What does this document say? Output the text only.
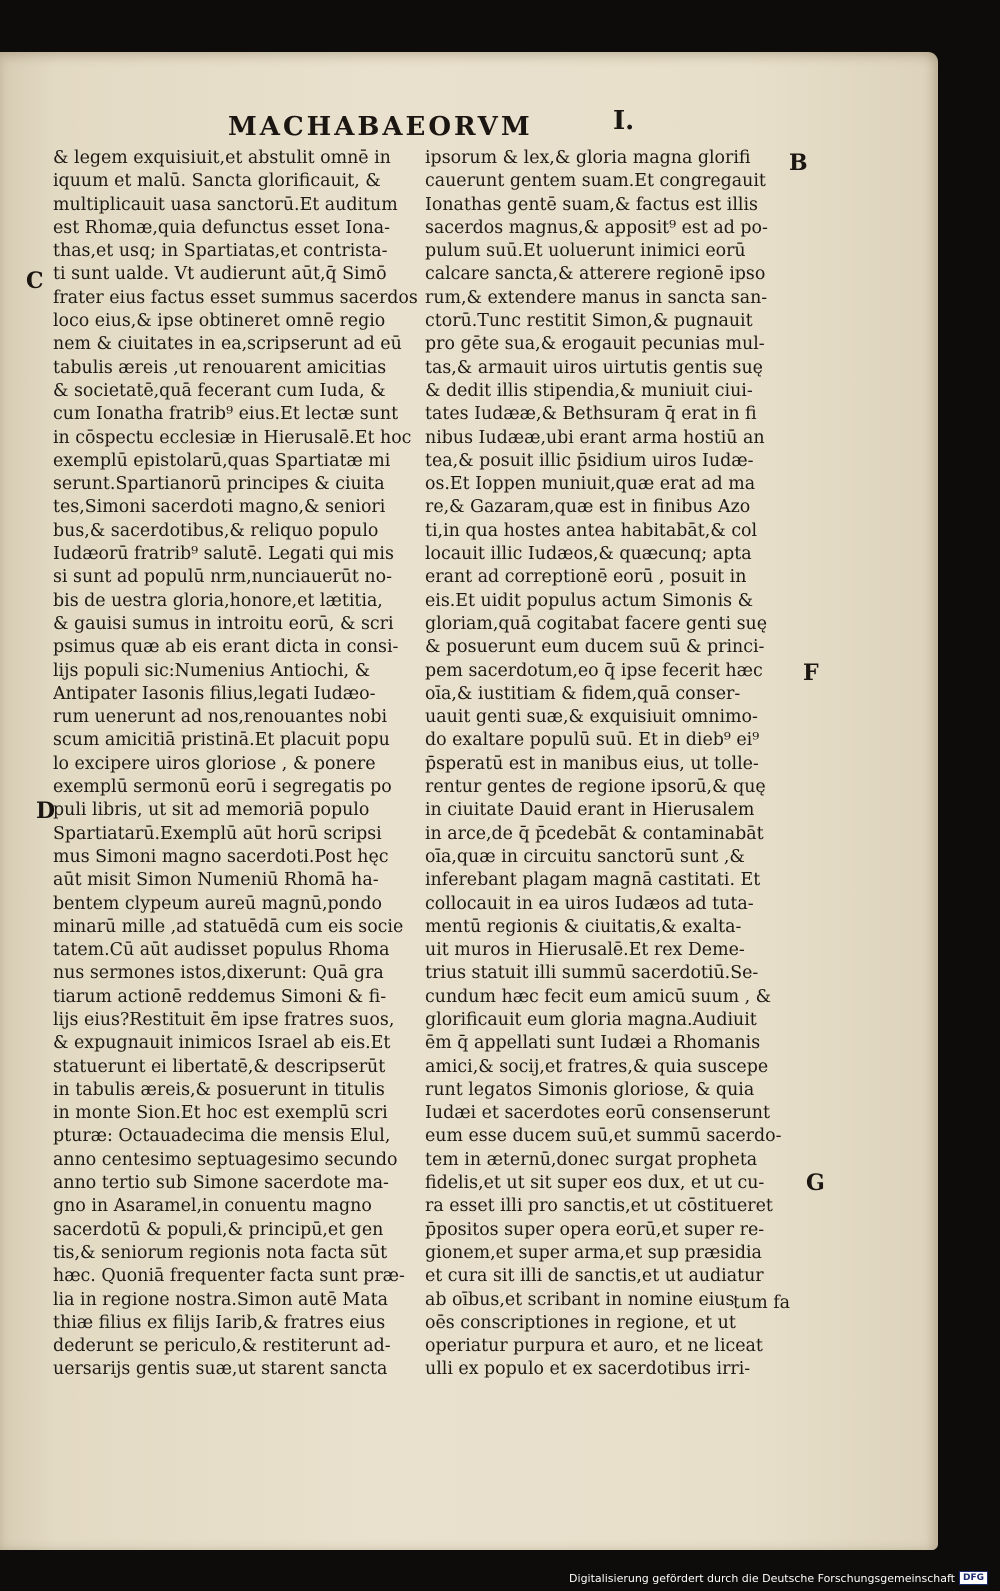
MACHABAEORVM	I.
B
C
D
F
G
& legem exquisiuit,et abstulit omnē in
iquum et malū. Sancta glorificauit, &
multiplicauit uasa sanctorū.Et auditum
est Rhomæ,quia defunctus esset Iona-
thas,et usq; in Spartiatas,et contrista-
ti sunt ualde. Vt audierunt aūt,q̄ Simō
frater eius factus esset summus sacerdos
loco eius,& ipse obtineret omnē regio
nem & ciuitates in ea,scripserunt ad eū
tabulis æreis ,ut renouarent amicitias
& societatē,quā fecerant cum Iuda, &
cum Ionatha fratrib⁹ eius.Et lectæ sunt
in cōspectu ecclesiæ in Hierusalē.Et hoc
exemplū epistolarū,quas Spartiatæ mi
serunt.Spartianorū principes & ciuita
tes,Simoni sacerdoti magno,& seniori
bus,& sacerdotibus,& reliquo populo
Iudæorū fratrib⁹ salutē. Legati qui mis
si sunt ad populū nrm,nunciauerūt no-
bis de uestra gloria,honore,et lætitia,
& gauisi sumus in introitu eorū, & scri
psimus quæ ab eis erant dicta in consi-
lijs populi sic:Numenius Antiochi, &
Antipater Iasonis filius,legati Iudæo-
rum uenerunt ad nos,renouantes nobi
scum amicitiā pristinā.Et placuit popu
lo excipere uiros gloriose , & ponere
exemplū sermonū eorū i segregatis po
puli libris, ut sit ad memoriā populo
Spartiatarū.Exemplū aūt horū scripsi
mus Simoni magno sacerdoti.Post hęc
aūt misit Simon Numeniū Rhomā ha-
bentem clypeum aureū magnū,pondo
minarū mille ,ad statuēdā cum eis socie
tatem.Cū aūt audisset populus Rhoma
nus sermones istos,dixerunt: Quā gra
tiarum actionē reddemus Simoni & fi-
lijs eius?Restituit ēm ipse fratres suos,
& expugnauit inimicos Israel ab eis.Et
statuerunt ei libertatē,& descripserūt
in tabulis æreis,& posuerunt in titulis
in monte Sion.Et hoc est exemplū scri
pturæ: Octauadecima die mensis Elul,
anno centesimo septuagesimo secundo
anno tertio sub Simone sacerdote ma-
gno in Asaramel,in conuentu magno
sacerdotū & populi,& principū,et gen
tis,& seniorum regionis nota facta sūt
hæc. Quoniā frequenter facta sunt præ-
lia in regione nostra.Simon autē Mata
thiæ filius ex filijs Iarib,& fratres eius
dederunt se periculo,& restiterunt ad-
uersarijs gentis suæ,ut starent sancta
ipsorum & lex,& gloria magna glorifi
cauerunt gentem suam.Et congregauit
Ionathas gentē suam,& factus est illis
sacerdos magnus,& apposit⁹ est ad po-
pulum suū.Et uoluerunt inimici eorū
calcare sancta,& atterere regionē ipso
rum,& extendere manus in sancta san-
ctorū.Tunc restitit Simon,& pugnauit
pro gēte sua,& erogauit pecunias mul-
tas,& armauit uiros uirtutis gentis suę
& dedit illis stipendia,& muniuit ciui-
tates Iudææ,& Bethsuram q̄ erat in fi
nibus Iudææ,ubi erant arma hostiū an
tea,& posuit illic p̄sidium uiros Iudæ-
os.Et Ioppen muniuit,quæ erat ad ma
re,& Gazaram,quæ est in finibus Azo
ti,in qua hostes antea habitabāt,& col
locauit illic Iudæos,& quæcunq; apta
erant ad correptionē eorū , posuit in
eis.Et uidit populus actum Simonis &
gloriam,quā cogitabat facere genti suę
& posuerunt eum ducem suū & princi-
pem sacerdotum,eo q̄ ipse fecerit hæc
oīa,& iustitiam & fidem,quā conser-
uauit genti suæ,& exquisiuit omnimo-
do exaltare populū suū. Et in dieb⁹ ei⁹
p̄speratū est in manibus eius, ut tolle-
rentur gentes de regione ipsorū,& quę
in ciuitate Dauid erant in Hierusalem
in arce,de q̄ p̄cedebāt & contaminabāt
oīa,quæ in circuitu sanctorū sunt ,&
inferebant plagam magnā castitati. Et
collocauit in ea uiros Iudæos ad tuta-
mentū regionis & ciuitatis,& exalta-
uit muros in Hierusalē.Et rex Deme-
trius statuit illi summū sacerdotiū.Se-
cundum hæc fecit eum amicū suum , &
glorificauit eum gloria magna.Audiuit
ēm q̄ appellati sunt Iudæi a Rhomanis
amici,& socij,et fratres,& quia suscepe
runt legatos Simonis gloriose, & quia
Iudæi et sacerdotes eorū consenserunt
eum esse ducem suū,et summū sacerdo-
tem in æternū,donec surgat propheta
fidelis,et ut sit super eos dux, et ut cu-
ra esset illi pro sanctis,et ut cōstitueret
p̄positos super opera eorū,et super re-
gionem,et super arma,et sup præsidia
et cura sit illi de sanctis,et ut audiatur
ab oībus,et scribant in nomine eius
oēs conscriptiones in regione, et ut
operiatur purpura et auro, et ne liceat
ulli ex populo et ex sacerdotibus irri-
tum fa
Digitalisierung gefördert durch die Deutsche Forschungsgemeinschaft DFG
